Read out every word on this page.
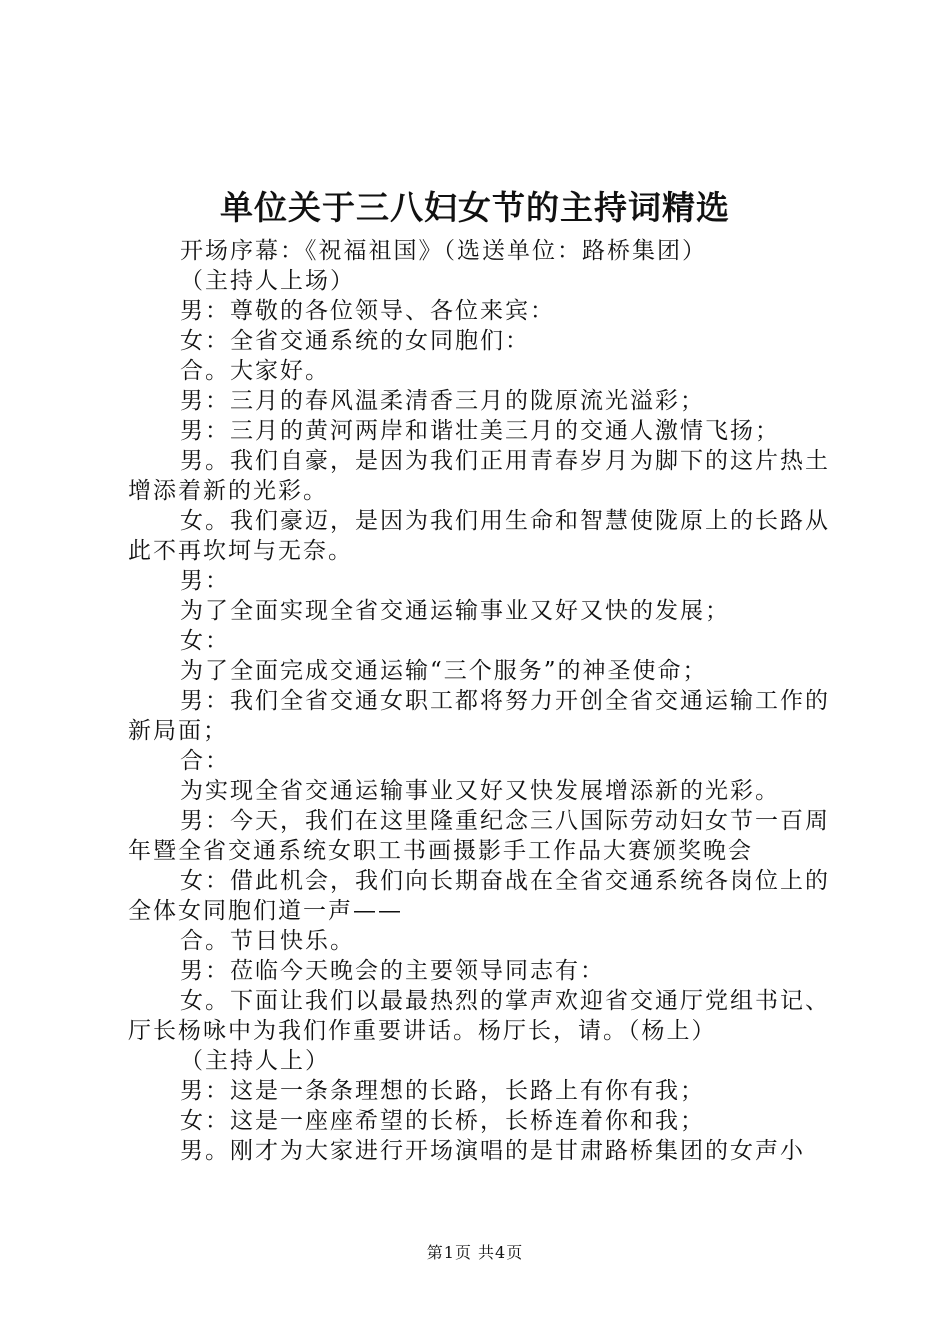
单位关于三八妇女节的主持词精选

开场序幕：《祝福祖国》（选送单位：路桥集团）

（主持人上场）

男：尊敬的各位领导、各位来宾：

女：全省交通系统的女同胞们：

合。大家好。

男：三月的春风温柔清香三月的陇原流光溢彩；

男：三月的黄河两岸和谐壮美三月的交通人激情飞扬；

男。我们自豪，是因为我们正用青春岁月为脚下的这片热土增添着新的光彩。

女。我们豪迈，是因为我们用生命和智慧使陇原上的长路从此不再坎坷与无奈。

男：

为了全面实现全省交通运输事业又好又快的发展；

女：

为了全面完成交通运输“三个服务”的神圣使命；

男：我们全省交通女职工都将努力开创全省交通运输工作的新局面；

合：

为实现全省交通运输事业又好又快发展增添新的光彩。

男：今天，我们在这里隆重纪念三八国际劳动妇女节一百周年暨全省交通系统女职工书画摄影手工作品大赛颁奖晚会

女：借此机会，我们向长期奋战在全省交通系统各岗位上的全体女同胞们道一声——

合。节日快乐。

男：莅临今天晚会的主要领导同志有：

女。下面让我们以最最热烈的掌声欢迎省交通厅党组书记、厅长杨咏中为我们作重要讲话。杨厅长，请。（杨上）

（主持人上）

男：这是一条条理想的长路，长路上有你有我；

女：这是一座座希望的长桥，长桥连着你和我；

男。刚才为大家进行开场演唱的是甘肃路桥集团的女声小

第1页 共4页
